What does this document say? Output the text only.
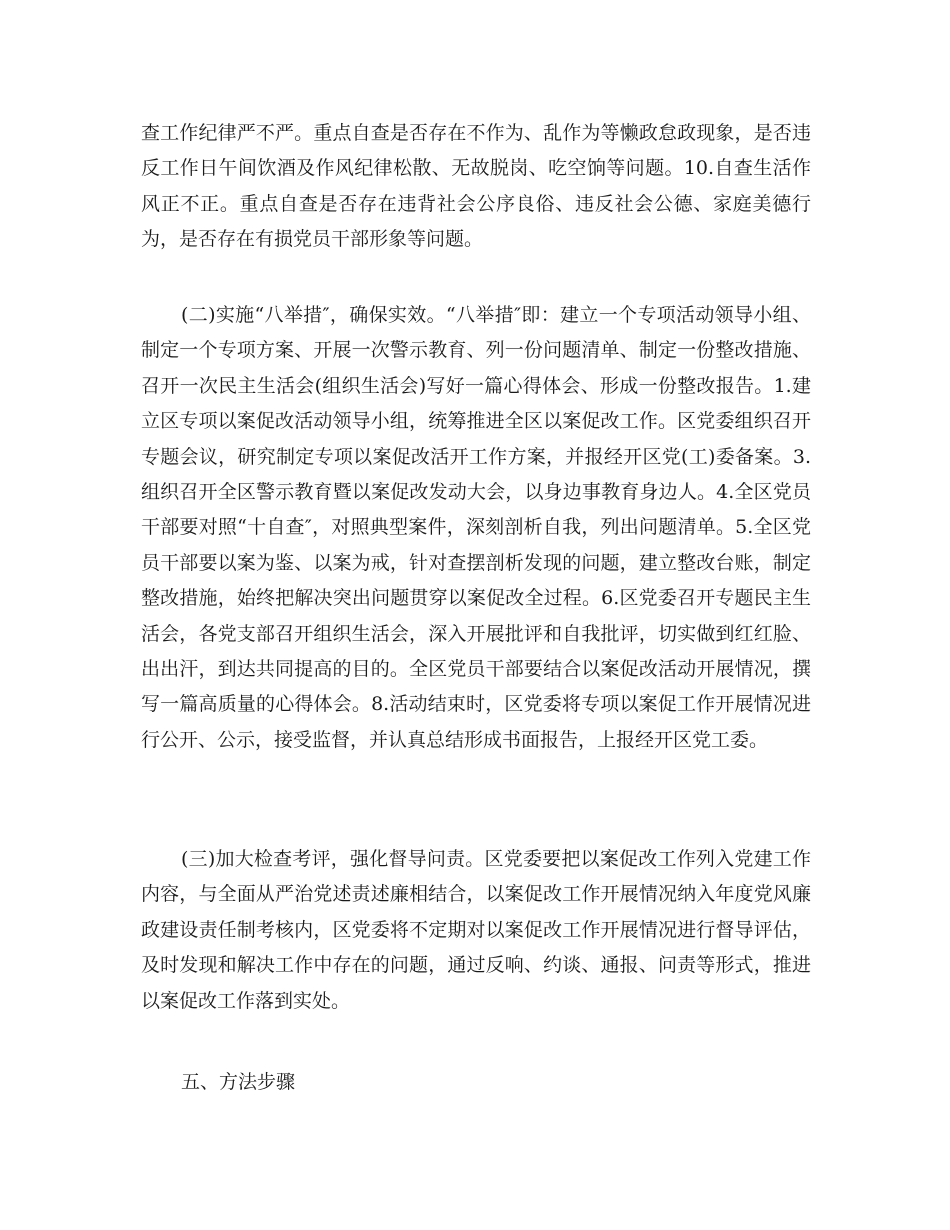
查工作纪律严不严。重点自查是否存在不作为、乱作为等懒政怠政现象，是否违反工作日午间饮酒及作风纪律松散、无故脱岗、吃空饷等问题。10.自查生活作风正不正。重点自查是否存在违背社会公序良俗、违反社会公德、家庭美德行为，是否存在有损党员干部形象等问题。

(二)实施“八举措″，确保实效。“八举措″即：建立一个专项活动领导小组、制定一个专项方案、开展一次警示教育、列一份问题清单、制定一份整改措施、召开一次民主生活会(组织生活会)写好一篇心得体会、形成一份整改报告。1.建立区专项以案促改活动领导小组，统筹推进全区以案促改工作。区党委组织召开专题会议，研究制定专项以案促改活开工作方案，并报经开区党(工)委备案。3.组织召开全区警示教育暨以案促改发动大会，以身边事教育身边人。4.全区党员干部要对照“十自查″，对照典型案件，深刻剖析自我，列出问题清单。5.全区党员干部要以案为鉴、以案为戒，针对查摆剖析发现的问题，建立整改台账，制定整改措施，始终把解决突出问题贯穿以案促改全过程。6.区党委召开专题民主生活会，各党支部召开组织生活会，深入开展批评和自我批评，切实做到红红脸、出出汗，到达共同提高的目的。全区党员干部要结合以案促改活动开展情况，撰写一篇高质量的心得体会。8.活动结束时，区党委将专项以案促工作开展情况进行公开、公示，接受监督，并认真总结形成书面报告，上报经开区党工委。

(三)加大检查考评，强化督导问责。区党委要把以案促改工作列入党建工作内容，与全面从严治党述责述廉相结合，以案促改工作开展情况纳入年度党风廉政建设责任制考核内，区党委将不定期对以案促改工作开展情况进行督导评估，及时发现和解决工作中存在的问题，通过反响、约谈、通报、问责等形式，推进以案促改工作落到实处。

五、方法步骤
